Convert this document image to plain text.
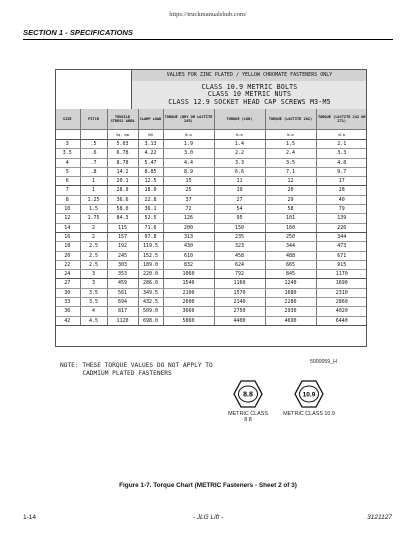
https://truckmanualshub.com/
SECTION 1 - SPECIFICATIONS
VALUES FOR ZINC PLATED / YELLOW CHROMATE FASTENERS ONLY
CLASS 10.9 METRIC BOLTS
CLASS 10 METRIC NUTS
CLASS 12.9 SOCKET HEAD CAP SCREWS M3-M5
SIZE	PITCH	TENSILE STRESS AREA	CLAMP LOAD	TORQUE (DRY OR LOCTITE 263)	TORQUE (LUB)	TORQUE (LOCTITE 262)	TORQUE (LOCTITE 242 OR 271)
		Sq. mm	KN	N.m	N.m	N.m	N.m
3	.5	5.03	3.13	1.9	1.4	1.5	2.1
3.5	.6	6.78	4.22	3.0	2.2	2.4	3.3
4	.7	8.78	5.47	4.4	3.3	3.5	4.8
5	.8	14.2	8.85	8.9	6.6	7.1	9.7
6	1	20.1	12.5	15	11	12	17
7	1	28.9	18.0	25	19	20	28
8	1.25	36.6	22.8	37	27	29	40
10	1.5	58.0	36.1	72	54	58	79
12	1.75	84.3	52.5	126	95	101	139
14	2	115	71.6	200	150	160	220
16	2	157	97.8	313	235	250	344
18	2.5	192	119.5	430	323	344	473
20	2.5	245	152.5	610	458	488	671
22	2.5	303	189.0	832	624	665	915
24	3	353	220.0	1060	792	845	1170
27	3	459	286.0	1540	1160	1240	1690
30	3.5	561	349.5	2100	1570	1680	2310
33	3.5	694	432.5	2600	2140	2280	2860
36	4	817	509.0	3660	2750	2930	4020
42	4.5	1120	698.0	5860	4400	4690	6440
5000059_H
NOTE: THESE TORQUE VALUES DO NOT APPLY TO
CADMIUM PLATED FASTENERS
8.8
METRIC CLASS 8.8
10.9
METRIC CLASS 10.9
Figure 1-7. Torque Chart (METRIC Fasteners - Sheet 2 of 3)
1-14	- JLG Lift -	3121127
